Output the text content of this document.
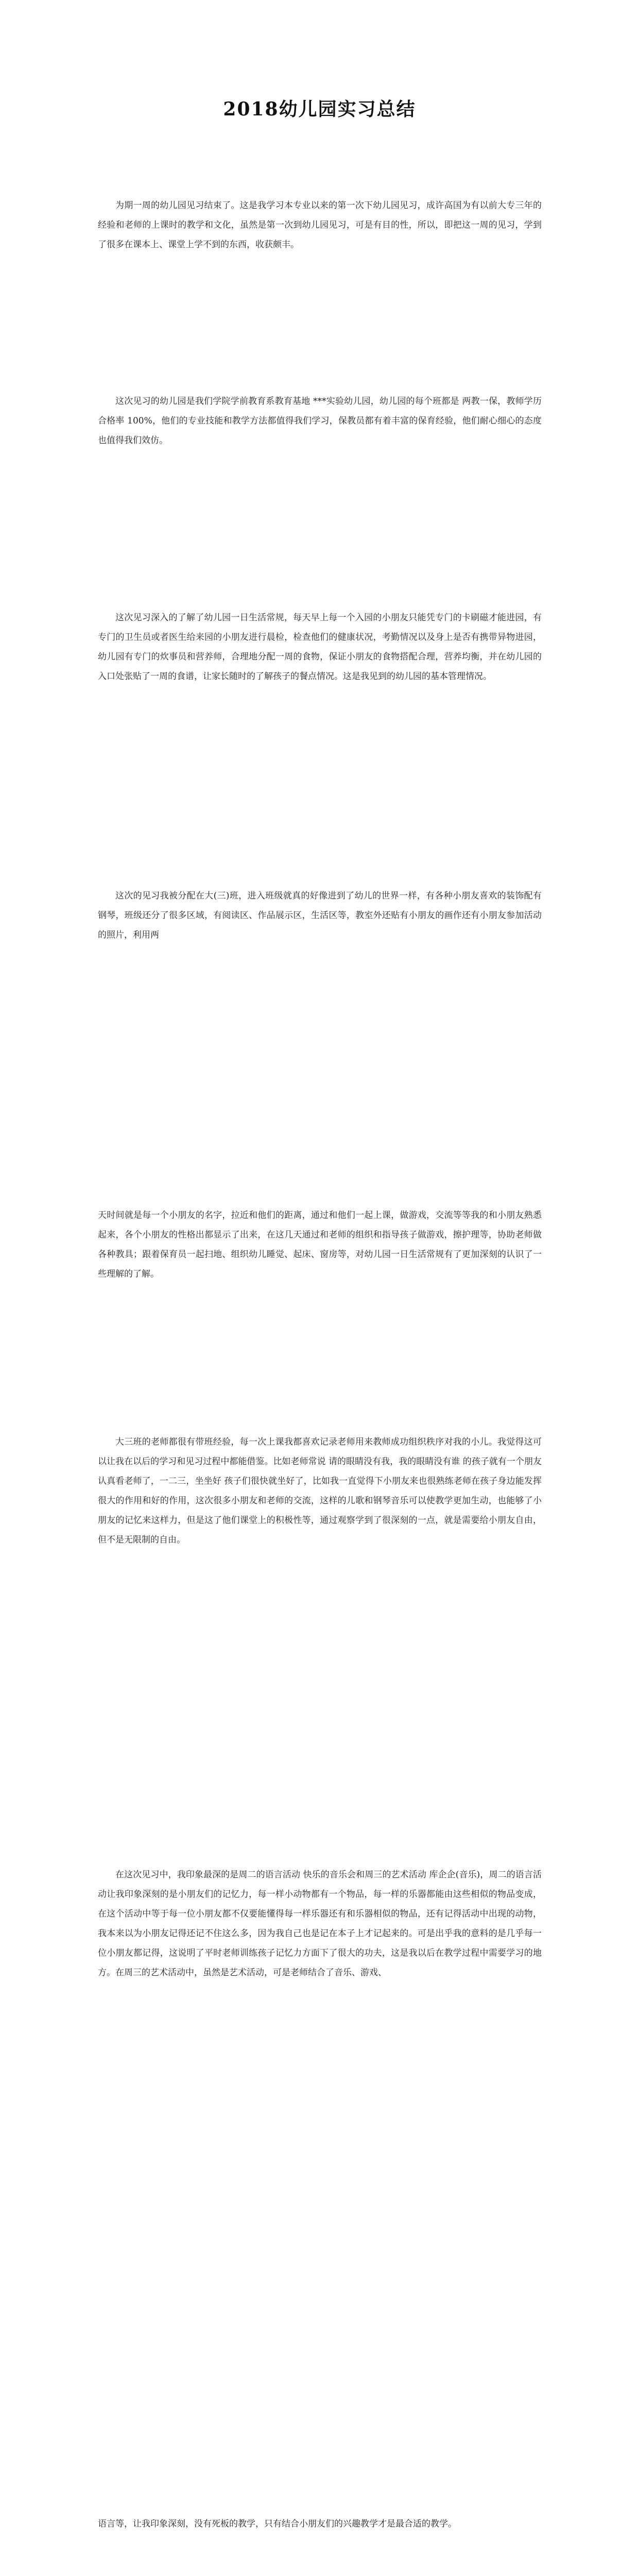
2018幼儿园实习总结

为期一周的幼儿园见习结束了。这是我学习本专业以来的第一次下幼儿园见习，成许高国为有以前大专三年的经验和老师的上课时的教学和文化，虽然是第一次到幼儿园见习，可是有目的性，所以，即把这一周的见习，学到了很多在课本上、课堂上学不到的东西，收获颇丰。

这次见习的幼儿园是我们学院学前教育系教育基地 ***实验幼儿园，幼儿园的每个班都是 两教一保，教师学历合格率 100%，他们的专业技能和教学方法都值得我们学习，保教员都有着丰富的保育经验，他们耐心细心的态度也值得我们效仿。

这次见习深入的了解了幼儿园一日生活常规，每天早上每一个入园的小朋友只能凭专门的卡刷磁才能进园，有专门的卫生员或者医生给来园的小朋友进行晨检，检查他们的健康状况，考勤情况以及身上是否有携带异物进园，幼儿园有专门的炊事员和营养师，合理地分配一周的食物，保证小朋友的食物搭配合理，营养均衡，并在幼儿园的入口处张贴了一周的食谱，让家长随时的了解孩子的餐点情况。这是我见到的幼儿园的基本管理情况。

这次的见习我被分配在大(三)班，进入班级就真的好像进到了幼儿的世界一样，有各种小朋友喜欢的装饰配有钢琴，班级还分了很多区域，有阅读区、作品展示区，生活区等，教室外还贴有小朋友的画作还有小朋友参加活动的照片，利用两

天时间就是每一个小朋友的名字，拉近和他们的距离，通过和他们一起上课，做游戏，交流等等我的和小朋友熟悉起来，各个小朋友的性格出都显示了出来，在这几天通过和老师的组织和指导孩子做游戏，擦护理等，协助老师做各种教具；跟着保育员一起扫地、组织幼儿睡觉、起床、窗房等，对幼儿园一日生活常规有了更加深刻的认识了一些理解的了解。

大三班的老师都很有带班经验，每一次上课我都喜欢记录老师用来教师成功组织秩序对我的小儿。我觉得这可以让我在以后的学习和见习过程中都能借鉴。比如老师常说 请的眼睛没有我，我的眼睛没有谁 的孩子就有一个朋友认真看老师了，一二三，坐坐好 孩子们很快就坐好了，比如我一直觉得下小朋友来也很熟练老师在孩子身边能发挥很大的作用和好的作用，这次很多小朋友和老师的交流，这样的儿歌和钢琴音乐可以使教学更加生动，也能够了小朋友的记忆来这样力，但是这了他们课堂上的积极性等，通过观察学到了很深刻的一点，就是需要给小朋友自由，但不是无限制的自由。

在这次见习中，我印象最深的是周二的语言活动 快乐的音乐会和周三的艺术活动 库企企(音乐)，周二的语言活动让我印象深刻的是小朋友们的记忆力，每一样小动物都有一个物品，每一样的乐器都能由这些相似的物品变成，在这个活动中等于每一位小朋友都不仅要能懂得每一样乐器还有和乐器相似的物品，还有记得活动中出现的动物，我本来以为小朋友记得还记不住这么多，因为我自己也是记在本子上才记起来的。可是出乎我的意料的是几乎每一位小朋友都记得，这说明了平时老师训练孩子记忆力方面下了很大的功夫，这是我以后在教学过程中需要学习的地方。在周三的艺术活动中，虽然是艺术活动，可是老师结合了音乐、游戏、

语言等，让我印象深刻，没有死板的教学，只有结合小朋友们的兴趣教学才是最合适的教学。
